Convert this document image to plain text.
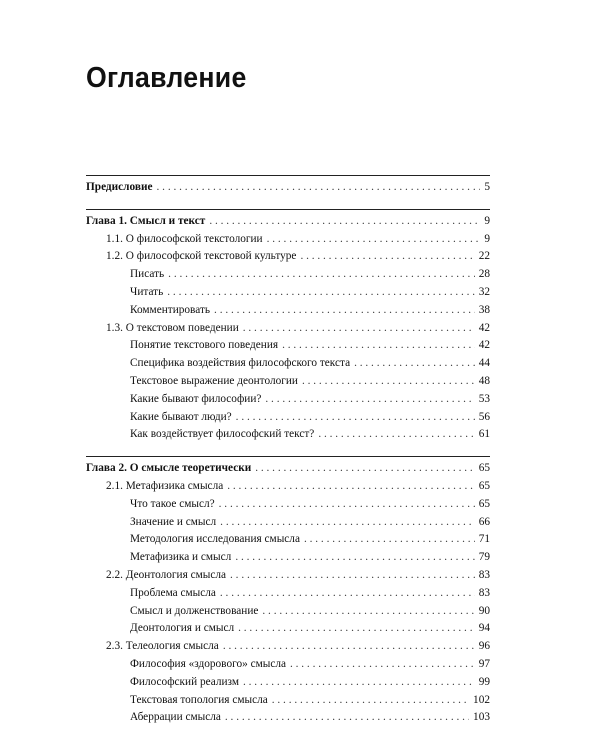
Оглавление
Предисловие . . .	5
Глава 1. Смысл и текст . . .	9
1.1. О философской текстологии . . .	9
1.2. О философской текстовой культуре . . .	22
Писать . . .	28
Читать . . .	32
Комментировать . . .	38
1.3. О текстовом поведении . . .	42
Понятие текстового поведения . . .	42
Специфика воздействия философского текста . . .	44
Текстовое выражение деонтологии . . .	48
Какие бывают философии? . . .	53
Какие бывают люди? . . .	56
Как воздействует философский текст? . . .	61
Глава 2. О смысле теоретически . . .	65
2.1. Метафизика смысла . . .	65
Что такое смысл? . . .	65
Значение и смысл . . .	66
Методология исследования смысла . . .	71
Метафизика и смысл . . .	79
2.2. Деонтология смысла . . .	83
Проблема смысла . . .	83
Смысл и долженствование . . .	90
Деонтология и смысл . . .	94
2.3. Телеология смысла . . .	96
Философия «здорового» смысла . . .	97
Философский реализм . . .	99
Текстовая топология смысла . . .	102
Аберрации смысла . . .	103
